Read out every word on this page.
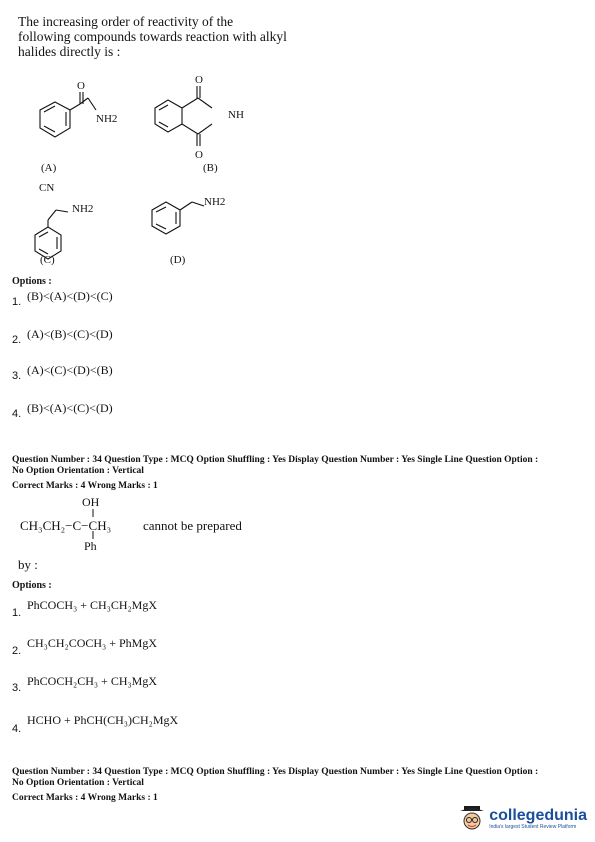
The increasing order of reactivity of the following compounds towards reaction with alkyl halides directly is :
O	O
O
NH2	NH
(A)	(B)
CN
NH2
NH2
(C)	(D)
Options :
1. (B)<(A)<(D)<(C)
2. (A)<(B)<(C)<(D)
3. (A)<(C)<(D)<(B)
4. (B)<(A)<(C)<(D)
Question Number : 34 Question Type : MCQ Option Shuffling : Yes Display Question Number : Yes Single Line Question Option :
No Option Orientation : Vertical
Correct Marks : 4 Wrong Marks : 1
OH
CH₃CH₂−C−CH₃ cannot be prepared
Ph
by :
Options :
1.
PhCOCH₃ + CH₃CH₂MgX
2.
CH₃CH₂COCH₃ + PhMgX
3. PhCOCH₂CH₃ + CH₃MgX
4.
HCHO + PhCH(CH₃)CH₂MgX
Question Number : 34 Question Type : MCQ Option Shuffling : Yes Display Question Number : Yes Single Line Question Option :
No Option Orientation : Vertical
Correct Marks : 4 Wrong Marks : 1
collegedunia
India's largest Student Review Platform
